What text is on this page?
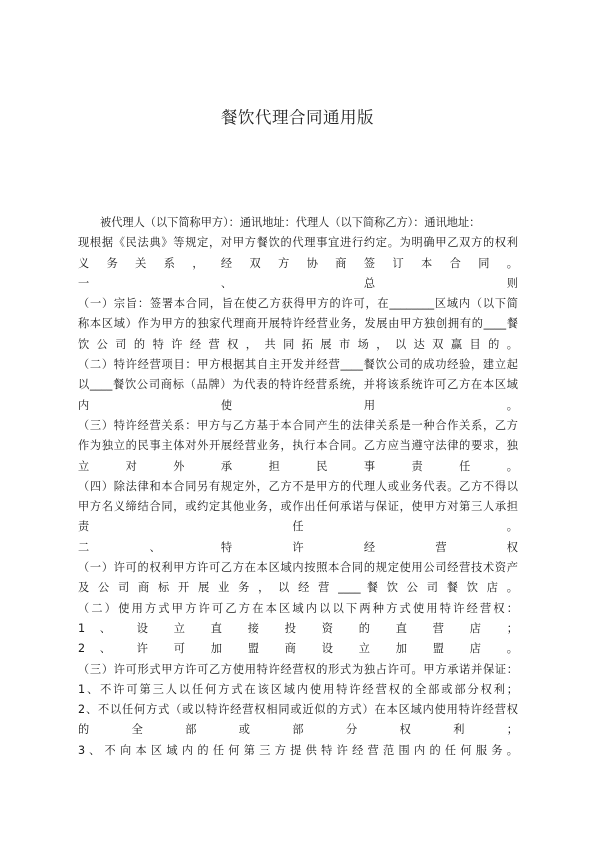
餐饮代理合同通用版
被代理人（以下简称甲方）：通讯地址：代理人（以下简称乙方）：通讯地址：
现根据《民法典》等规定，对甲方餐饮的代理事宜进行约定。为明确甲乙双方的权利
义 务 关 系 ， 经 双 方 协 商 签 订 本 合 同 。
一 、 总 则
（一）宗旨：签署本合同，旨在使乙方获得甲方的许可，在________区域内（以下简
称本区域）作为甲方的独家代理商开展特许经营业务，发展由甲方独创拥有的____餐
饮 公 司 的 特 许 经 营 权 ， 共 同 拓 展 市 场 ， 以 达 双 赢 目 的 。
（二）特许经营项目：甲方根据其自主开发并经营____餐饮公司的成功经验，建立起
以____餐饮公司商标（品牌）为代表的特许经营系统，并将该系统许可乙方在本区域
内 使 用 。
（三）特许经营关系：甲方与乙方基于本合同产生的法律关系是一种合作关系，乙方
作为独立的民事主体对外开展经营业务，执行本合同。乙方应当遵守法律的要求，独
立 对 外 承 担 民 事 责 任 。
（四）除法律和本合同另有规定外，乙方不是甲方的代理人或业务代表。乙方不得以
甲方名义缔结合同，或约定其他业务，或作出任何承诺与保证，使甲方对第三人承担
责 任 。
二 、 特 许 经 营 权
（一）许可的权利甲方许可乙方在本区域内按照本合同的规定使用公司经营技术资产
及 公 司 商 标 开 展 业 务 ， 以 经 营 ____ 餐 饮 公 司 餐 饮 店 。
（二）使用方式甲方许可乙方在本区域内以以下两种方式使用特许经营权：
1 、 设 立 直 接 投 资 的 直 营 店 ；
2 、 许 可 加 盟 商 设 立 加 盟 店 。
（三）许可形式甲方许可乙方使用特许经营权的形式为独占许可。甲方承诺并保证：
1、不许可第三人以任何方式在该区域内使用特许经营权的全部或部分权利；
2、不以任何方式（或以特许经营权相同或近似的方式）在本区域内使用特许经营权
的 全 部 或 部 分 权 利 ；
3 、 不 向 本 区 域 内 的 任 何 第 三 方 提 供 特 许 经 营 范 围 内 的 任 何 服 务 。
